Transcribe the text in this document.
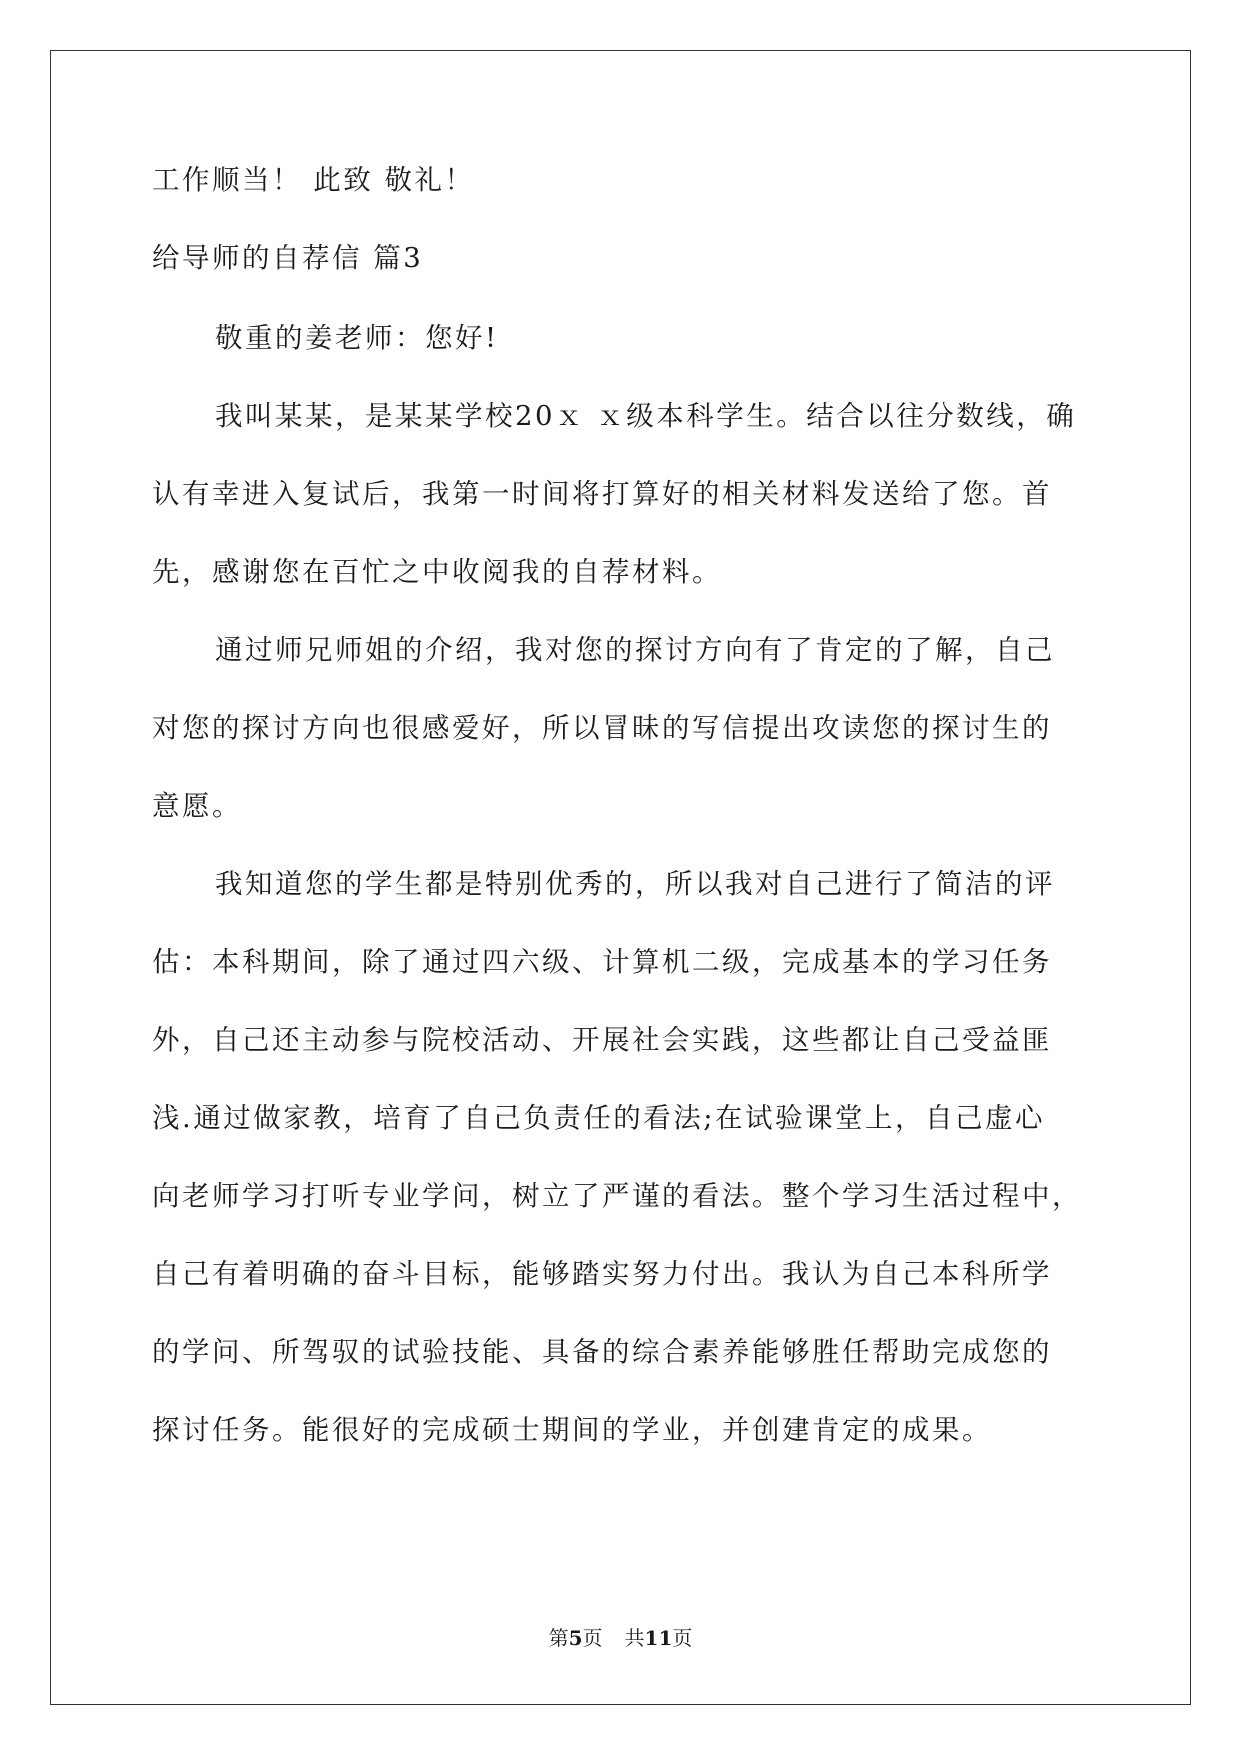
工作顺当！ 此致 敬礼！
给导师的自荐信 篇3
敬重的姜老师：您好!
我叫某某，是某某学校20ｘ ｘ级本科学生。结合以往分数线，确
认有幸进入复试后，我第一时间将打算好的相关材料发送给了您。首
先，感谢您在百忙之中收阅我的自荐材料。
通过师兄师姐的介绍，我对您的探讨方向有了肯定的了解，自己
对您的探讨方向也很感爱好，所以冒昧的写信提出攻读您的探讨生的
意愿。
我知道您的学生都是特别优秀的，所以我对自己进行了简洁的评
估：本科期间，除了通过四六级、计算机二级，完成基本的学习任务
外，自己还主动参与院校活动、开展社会实践，这些都让自己受益匪
浅.通过做家教，培育了自己负责任的看法;在试验课堂上，自己虚心
向老师学习打听专业学问，树立了严谨的看法。整个学习生活过程中，
自己有着明确的奋斗目标，能够踏实努力付出。我认为自己本科所学
的学问、所驾驭的试验技能、具备的综合素养能够胜任帮助完成您的
探讨任务。能很好的完成硕士期间的学业，并创建肯定的成果。
第5页 共11页
